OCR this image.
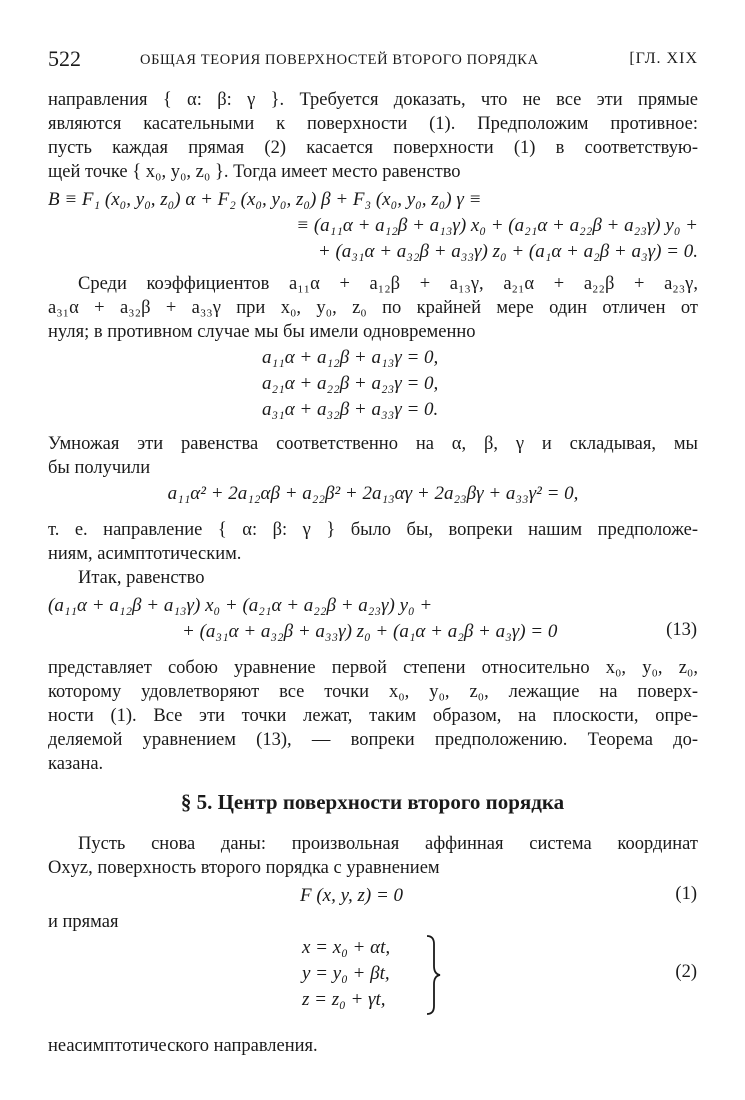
522	ОБЩАЯ ТЕОРИЯ ПОВЕРХНОСТЕЙ ВТОРОГО ПОРЯДКА	[ГЛ. XIX
направления { α: β: γ }. Требуется доказать, что не все эти прямые
являются касательными к поверхности (1). Предположим противное:
пусть каждая прямая (2) касается поверхности (1) в соответствую-
щей точке { x₀, y₀, z₀ }. Тогда имеет место равенство
B ≡ F₁ (x₀, y₀, z₀) α + F₂ (x₀, y₀, z₀) β + F₃ (x₀, y₀, z₀) γ ≡
≡ (a₁₁α + a₁₂β + a₁₃γ) x₀ + (a₂₁α + a₂₂β + a₂₃γ) y₀ +
+ (a₃₁α + a₃₂β + a₃₃γ) z₀ + (a₁α + a₂β + a₃γ) = 0.
Среди коэффициентов a₁₁α + a₁₂β + a₁₃γ, a₂₁α + a₂₂β + a₂₃γ,
a₃₁α + a₃₂β + a₃₃γ при x₀, y₀, z₀ по крайней мере один отличен от
нуля; в противном случае мы бы имели одновременно
a₁₁α + a₁₂β + a₁₃γ = 0,
a₂₁α + a₂₂β + a₂₃γ = 0,
a₃₁α + a₃₂β + a₃₃γ = 0.
Умножая эти равенства соответственно на α, β, γ и складывая, мы
бы получили
a₁₁α² + 2a₁₂αβ + a₂₂β² + 2a₁₃αγ + 2a₂₃βγ + a₃₃γ² = 0,
т. е. направление { α: β: γ } было бы, вопреки нашим предположе-
ниям, асимптотическим.
Итак, равенство
(a₁₁α + a₁₂β + a₁₃γ) x₀ + (a₂₁α + a₂₂β + a₂₃γ) y₀ +
+ (a₃₁α + a₃₂β + a₃₃γ) z₀ + (a₁α + a₂β + a₃γ) = 0	(13)
представляет собою уравнение первой степени относительно x₀, y₀, z₀,
которому удовлетворяют все точки x₀, y₀, z₀, лежащие на поверх-
ности (1). Все эти точки лежат, таким образом, на плоскости, опре-
деляемой уравнением (13), — вопреки предположению. Теорема до-
казана.
§ 5. Центр поверхности второго порядка
Пусть снова даны: произвольная аффинная система координат
Oxyz, поверхность второго порядка с уравнением
F (x, y, z) = 0	(1)
и прямая
x = x₀ + αt,
y = y₀ + βt,
z = z₀ + γt,
(2)
неасимптотического направления.
